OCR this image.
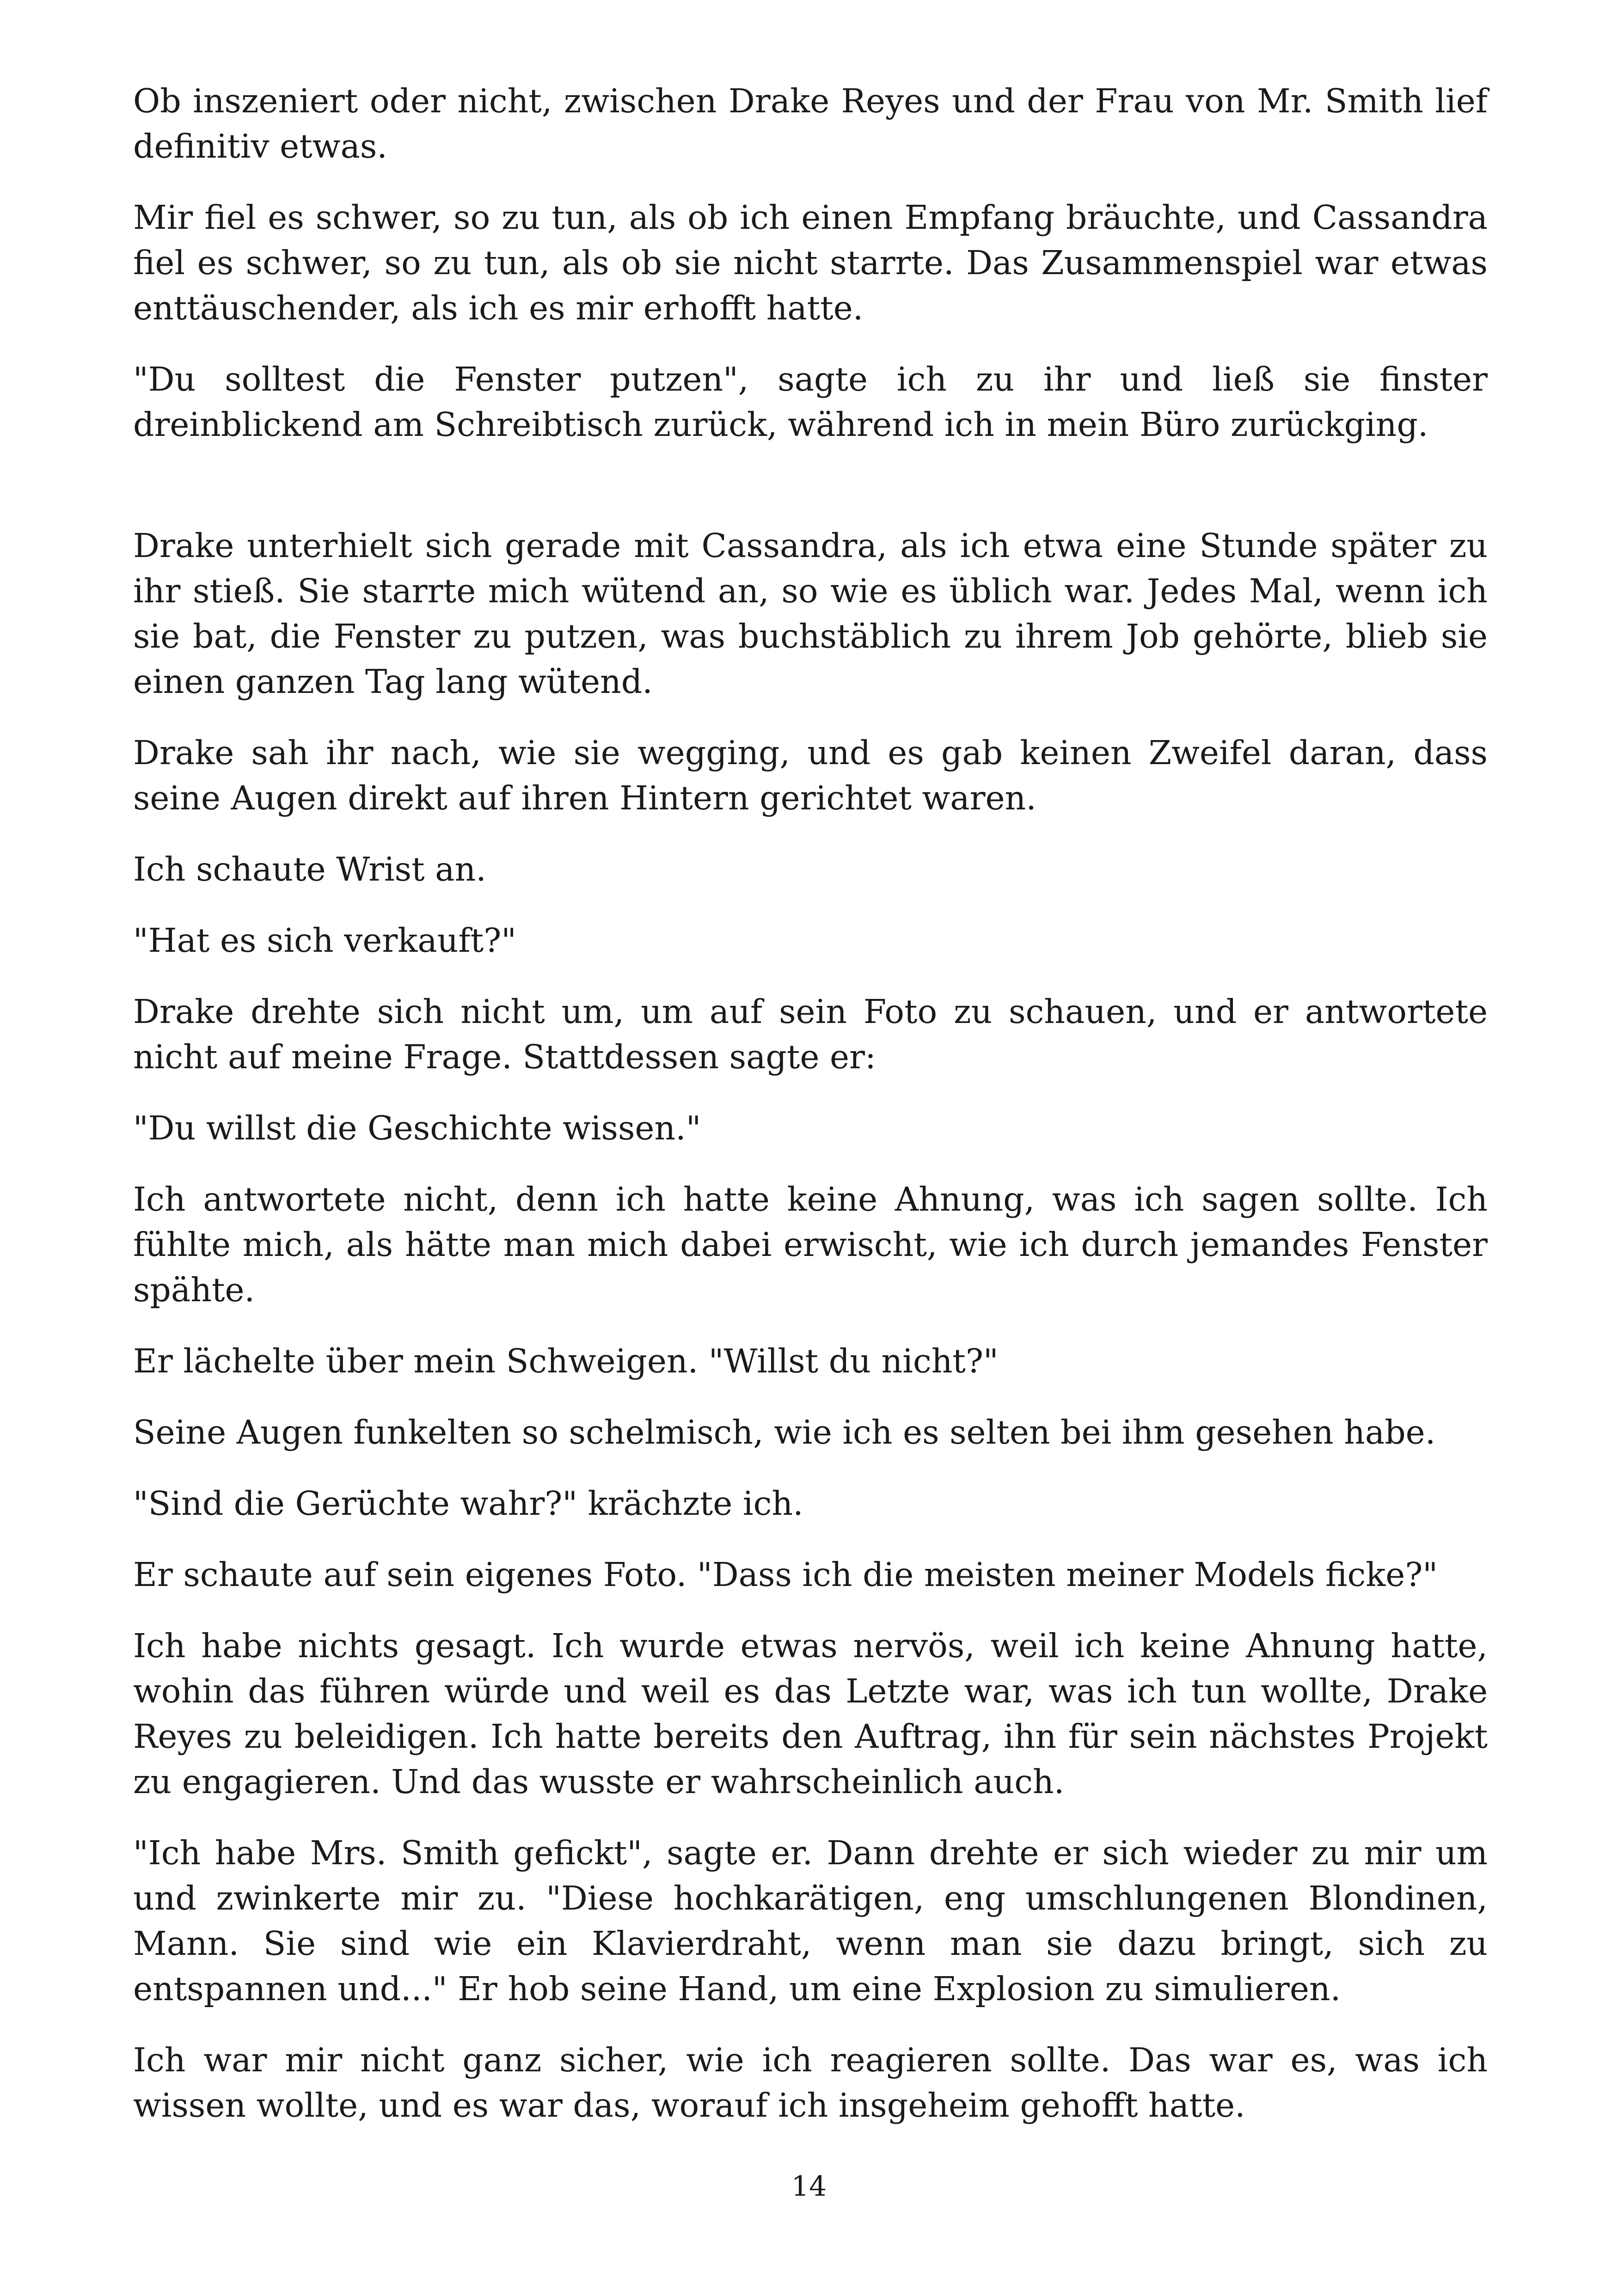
Ob inszeniert oder nicht, zwischen Drake Reyes und der Frau von Mr. Smith lief definitiv etwas.

Mir fiel es schwer, so zu tun, als ob ich einen Empfang bräuchte, und Cassandra fiel es schwer, so zu tun, als ob sie nicht starrte. Das Zusammenspiel war etwas enttäuschender, als ich es mir erhofft hatte.

"Du solltest die Fenster putzen", sagte ich zu ihr und ließ sie finster dreinblickend am Schreibtisch zurück, während ich in mein Büro zurückging.

Drake unterhielt sich gerade mit Cassandra, als ich etwa eine Stunde später zu ihr stieß. Sie starrte mich wütend an, so wie es üblich war. Jedes Mal, wenn ich sie bat, die Fenster zu putzen, was buchstäblich zu ihrem Job gehörte, blieb sie einen ganzen Tag lang wütend.

Drake sah ihr nach, wie sie wegging, und es gab keinen Zweifel daran, dass seine Augen direkt auf ihren Hintern gerichtet waren.

Ich schaute Wrist an.

"Hat es sich verkauft?"

Drake drehte sich nicht um, um auf sein Foto zu schauen, und er antwortete nicht auf meine Frage. Stattdessen sagte er:

"Du willst die Geschichte wissen."

Ich antwortete nicht, denn ich hatte keine Ahnung, was ich sagen sollte. Ich fühlte mich, als hätte man mich dabei erwischt, wie ich durch jemandes Fenster spähte.

Er lächelte über mein Schweigen. "Willst du nicht?"

Seine Augen funkelten so schelmisch, wie ich es selten bei ihm gesehen habe.

"Sind die Gerüchte wahr?" krächzte ich.

Er schaute auf sein eigenes Foto. "Dass ich die meisten meiner Models ficke?"

Ich habe nichts gesagt. Ich wurde etwas nervös, weil ich keine Ahnung hatte, wohin das führen würde und weil es das Letzte war, was ich tun wollte, Drake Reyes zu beleidigen. Ich hatte bereits den Auftrag, ihn für sein nächstes Projekt zu engagieren. Und das wusste er wahrscheinlich auch.

"Ich habe Mrs. Smith gefickt", sagte er. Dann drehte er sich wieder zu mir um und zwinkerte mir zu. "Diese hochkarätigen, eng umschlungenen Blondinen, Mann. Sie sind wie ein Klavierdraht, wenn man sie dazu bringt, sich zu entspannen und..." Er hob seine Hand, um eine Explosion zu simulieren.

Ich war mir nicht ganz sicher, wie ich reagieren sollte. Das war es, was ich wissen wollte, und es war das, worauf ich insgeheim gehofft hatte.

14
